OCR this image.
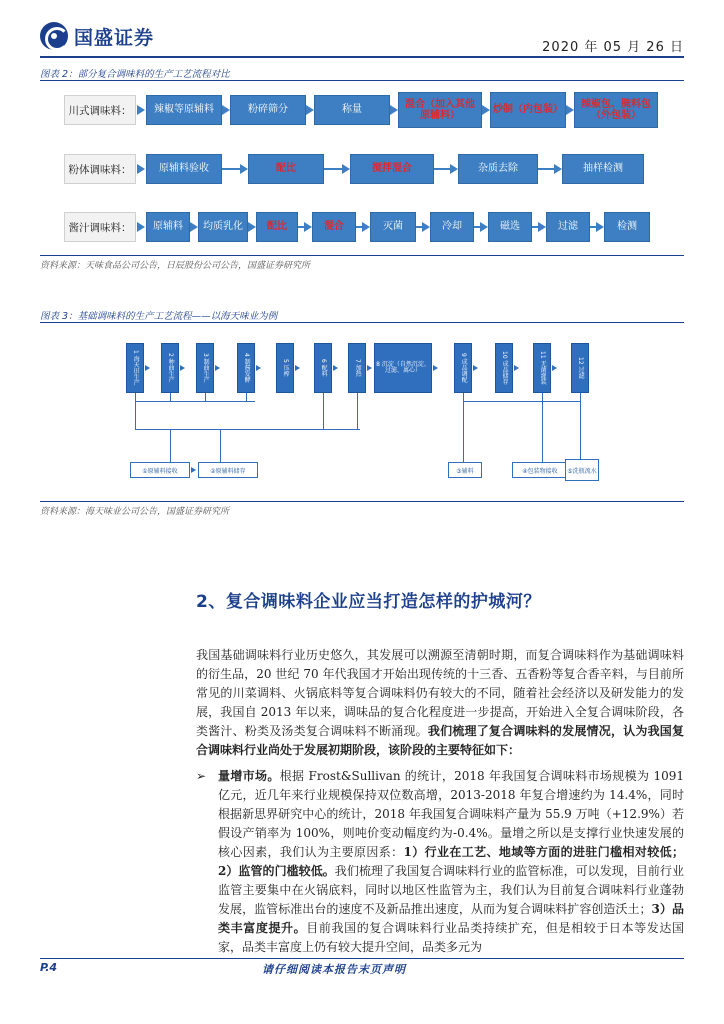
国盛证券	2020 年 05 月 26 日
图表 2：部分复合调味料的生产工艺流程对比
川式调味料：	辣椒等原辅料	粉碎筛分	称量
混合（加入其他原辅料）
炒制（内包装）
辣椒包、腌料包（外包装）
粉体调味料：	原辅料验收	配比	搅拌混合	杂质去除	抽样检测
酱汁调味料：	原辅料	均质乳化	配比	混合	灭菌	冷却	磁选	过滤	检测
资料来源：天味食品公司公告，日辰股份公司公告，国盛证券研究所
图表 3：基础调味料的生产工艺流程——以海天味业为例
1 海天田生产	2 种曲生产	3 制曲生产	4 制酱发酵	5 压榨	6 配料	7 加热	8 沉淀（自然沉淀、过滤、离心）	9 成品调配	10 成品储存	11 无菌灌装	12 过滤
①原辅料接收	②原辅料储存	③辅料	④包装物接收	⑤洗瓶流水
资料来源：海天味业公司公告，国盛证券研究所
2、复合调味料企业应当打造怎样的护城河？
我国基础调味料行业历史悠久，其发展可以溯源至清朝时期，而复合调味料作为基础调味料的衍生品，20 世纪 70 年代我国才开始出现传统的十三香、五香粉等复合香辛料，与目前所常见的川菜调料、火锅底料等复合调味料仍有较大的不同，随着社会经济以及研发能力的发展，我国自 2013 年以来，调味品的复合化程度进一步提高，开始进入全复合调味阶段，各类酱汁、粉类及汤类复合调味料不断涌现。我们梳理了复合调味料的发展情况，认为我国复合调味料行业尚处于发展初期阶段，该阶段的主要特征如下：
➢ 量增市场。根据 Frost&Sullivan 的统计，2018 年我国复合调味料市场规模为 1091 亿元，近几年来行业规模保持双位数高增，2013-2018 年复合增速约为 14.4%，同时根据新思界研究中心的统计，2018 年我国复合调味料产量为 55.9 万吨（+12.9%）若假设产销率为 100%，则吨价变动幅度约为-0.4%。量增之所以是支撑行业快速发展的核心因素，我们认为主要原因系：1）行业在工艺、地域等方面的进驻门槛相对较低；2）监管的门槛较低。我们梳理了我国复合调味料行业的监管标准，可以发现，目前行业监管主要集中在火锅底料，同时以地区性监管为主，我们认为目前复合调味料行业蓬勃发展，监管标准出台的速度不及新品推出速度，从而为复合调味料扩容创造沃土；3）品类丰富度提升。目前我国的复合调味料行业品类持续扩充，但是相较于日本等发达国家，品类丰富度上仍有较大提升空间，品类多元为
P.4	请仔细阅读本报告末页声明
